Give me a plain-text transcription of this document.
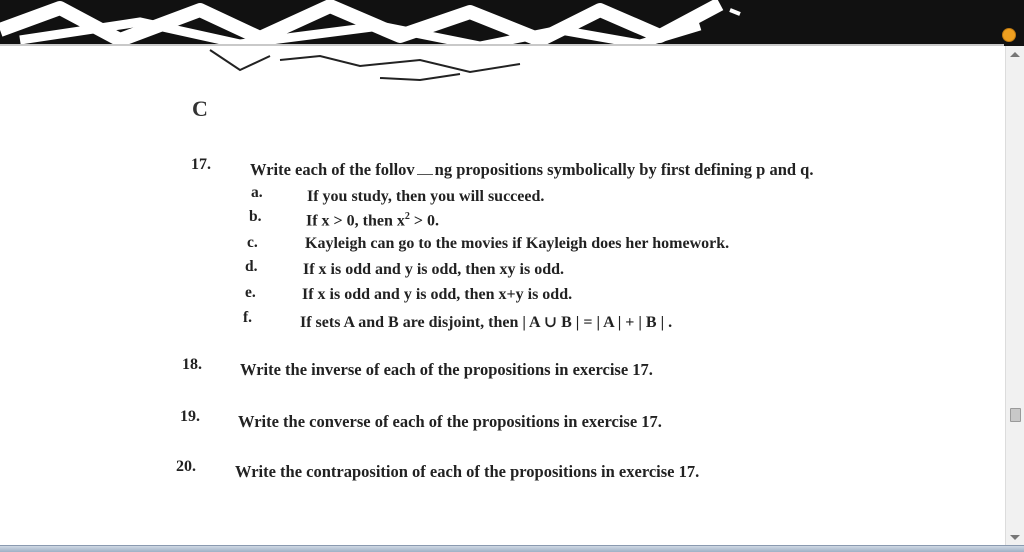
C
17. Write each of the follov ng propositions symbolically by first defining p and q.
a.	If you study, then you will succeed.
b.	If x > 0, then $x^2 > 0$.
c.	Kayleigh can go to the movies if Kayleigh does her homework.
d.	If x is odd and y is odd, then xy is odd.
e.	If x is odd and y is odd, then x+y is odd.
f.	If sets A and B are disjoint, then | A ∪ B | = | A | + | B | .
18. Write the inverse of each of the propositions in exercise 17.
19. Write the converse of each of the propositions in exercise 17.
20. Write the contraposition of each of the propositions in exercise 17.
